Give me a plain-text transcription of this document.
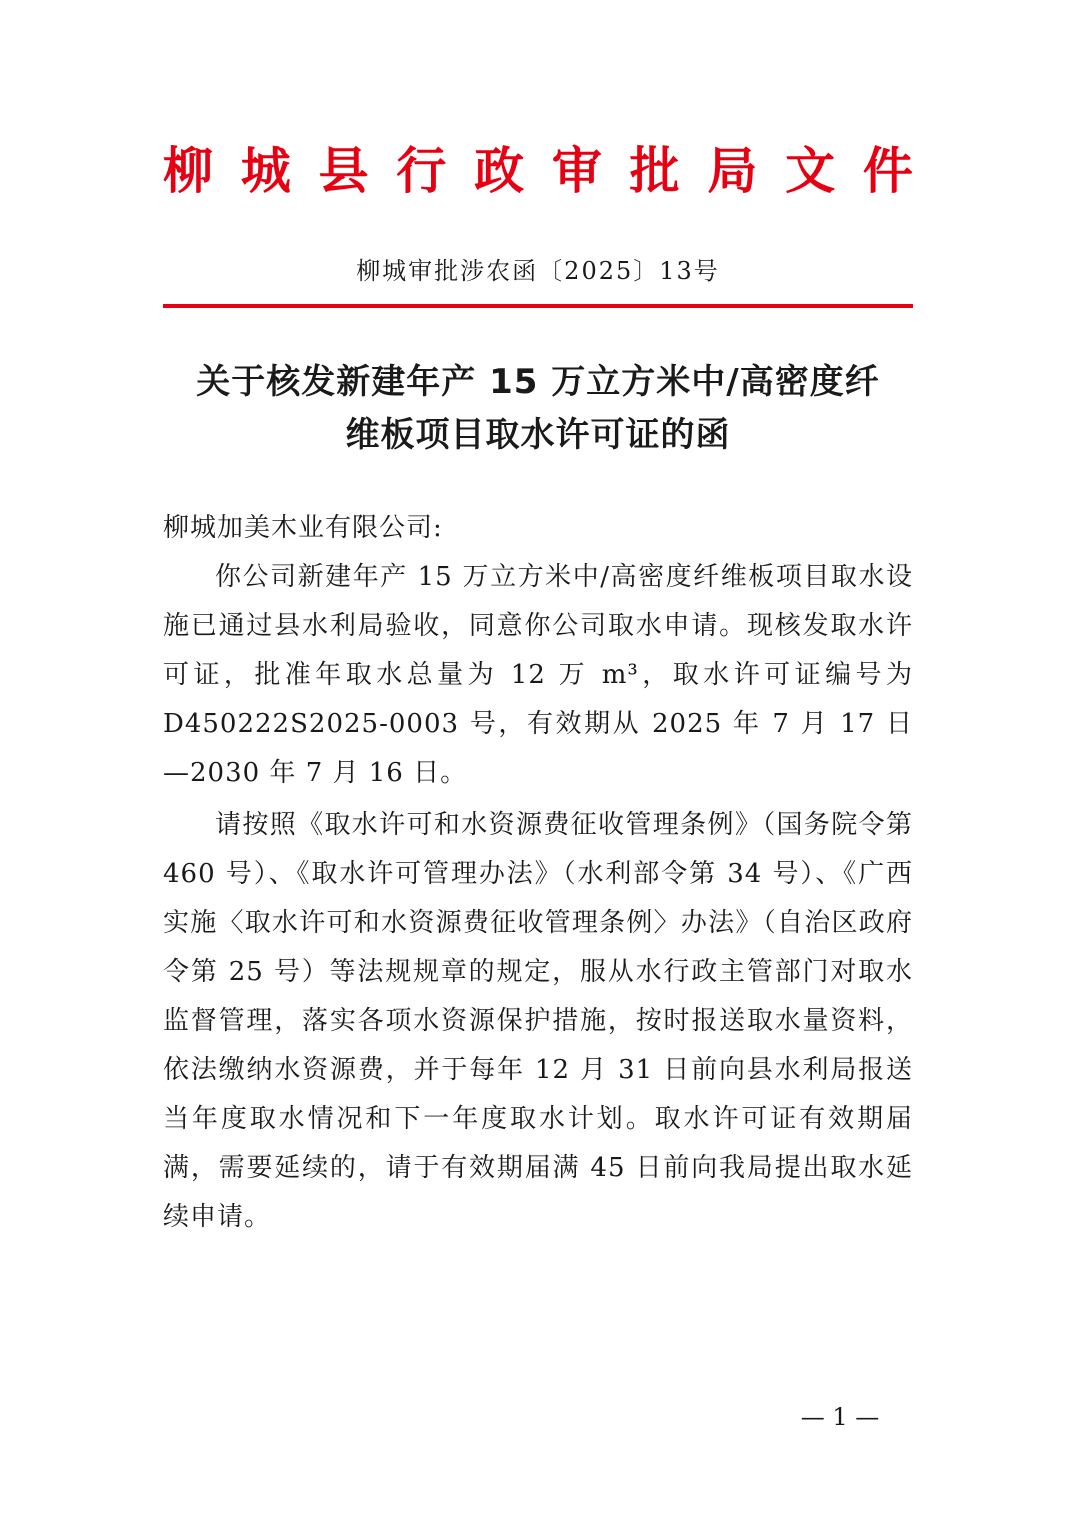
柳 城 县 行 政 审 批 局 文 件
柳城审批涉农函〔2025〕13号
关于核发新建年产 15 万立方米中/高密度纤
维板项目取水许可证的函

柳城加美木业有限公司:

你公司新建年产 15 万立方米中/高密度纤维板项目取水设施已通过县水利局验收，同意你公司取水申请。现核发取水许可证，批准年取水总量为 12 万 m³，取水许可证编号为 D450222S2025-0003 号，有效期从 2025 年 7 月 17 日—2030 年 7 月 16 日。

请按照《取水许可和水资源费征收管理条例》（国务院令第 460 号）、《取水许可管理办法》（水利部令第 34 号）、《广西实施〈取水许可和水资源费征收管理条例〉办法》（自治区政府令第 25 号）等法规规章的规定，服从水行政主管部门对取水监督管理，落实各项水资源保护措施，按时报送取水量资料，依法缴纳水资源费，并于每年 12 月 31 日前向县水利局报送当年度取水情况和下一年度取水计划。取水许可证有效期届满，需要延续的，请于有效期届满 45 日前向我局提出取水延续申请。

— 1 —
